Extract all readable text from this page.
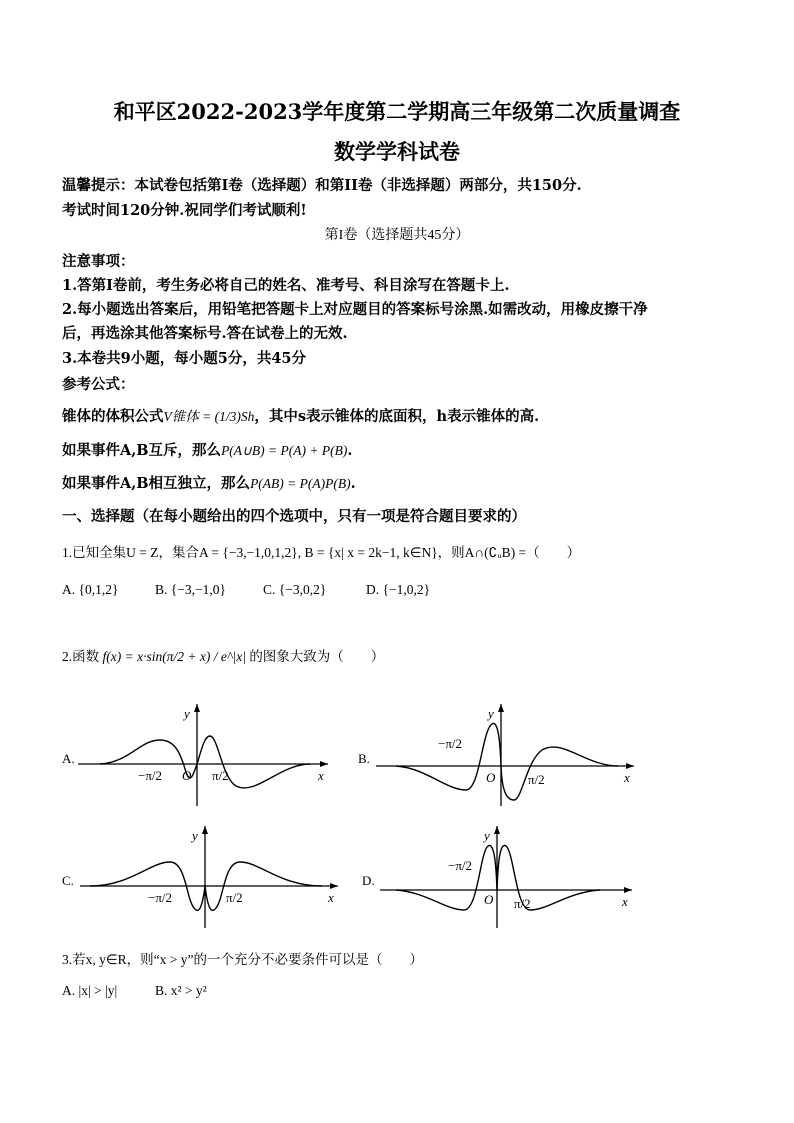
和平区2022-2023学年度第二学期高三年级第二次质量调查
数学学科试卷
温馨提示：本试卷包括第I卷（选择题）和第II卷（非选择题）两部分，共150分.
考试时间120分钟.祝同学们考试顺利!
第I卷（选择题共45分）
注意事项：
1.答第I卷前，考生务必将自己的姓名、准考号、科目涂写在答题卡上.
2.每小题选出答案后，用铅笔把答题卡上对应题目的答案标号涂黑.如需改动，用橡皮擦干净
后，再选涂其他答案标号.答在试卷上的无效.
3.本卷共9小题，每小题5分，共45分
参考公式：
锥体的体积公式V锥体 = (1/3)Sh，其中s表示锥体的底面积，h表示锥体的高.
如果事件A,B互斥，那么P(A∪B) = P(A) + P(B).
如果事件A,B相互独立，那么P(AB) = P(A)P(B).
一、选择题（在每小题给出的四个选项中，只有一项是符合题目要求的）
1.已知全集U = Z，集合A = {−3,−1,0,1,2}, B = {x| x = 2k−1, k∈N}，则A∩(∁ᵤB) =（　　）
A. {0,1,2}	B. {−3,−1,0}	C. {−3,0,2}	D. {−1,0,2}
2.函数 f(x) = x·sin(π/2 + x) / e^|x| 的图象大致为（　　）
A.
y
x
O
−π/2	π/2
B.
y
x
O
−π/2
π/2
C.
y
x
−π/2	π/2
D.
y
x
O
−π/2
π/2
3.若x, y∈R，则“x > y”的一个充分不必要条件可以是（　　）
A. |x| > |y|	B. x² > y²
